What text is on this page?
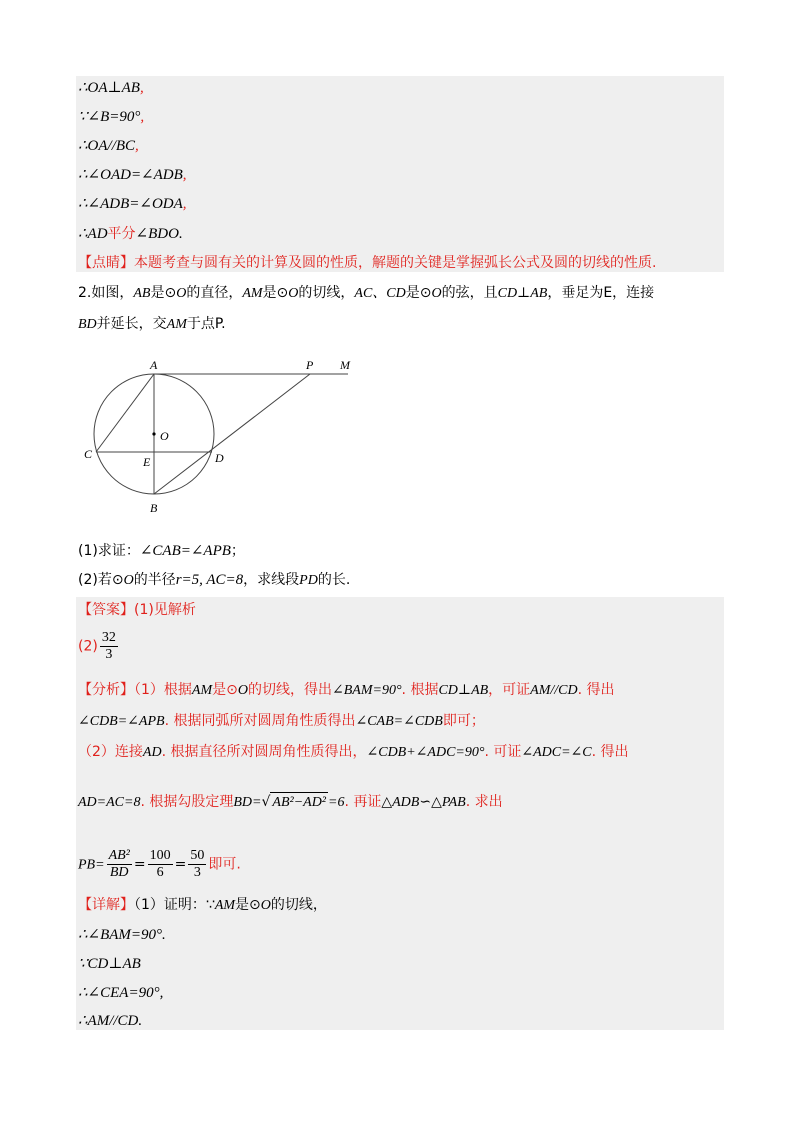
∴OA⊥AB,
∵∠B=90°,
∴OA//BC,
∴∠OAD=∠ADB,
∴∠ADB=∠ODA,
∴AD平分∠BDO.
【点睛】本题考查与圆有关的计算及圆的性质，解题的关键是掌握弧长公式及圆的切线的性质.
2.如图，AB是⊙O的直径，AM是⊙O的切线，AC、CD是⊙O的弦，且CD⊥AB，垂足为E，连接
BD并延长，交AM于点P.
A	P M
O
C
E	D
B
(1)求证：∠CAB=∠APB；
(2)若⊙O的半径r=5, AC=8，求线段PD的长.
【答案】(1)见解析
$(2) \frac{32}{3}$
【分析】（1）根据AM是⊙O的切线，得出∠BAM=90°. 根据CD⊥AB，可证AM//CD. 得出
∠CDB=∠APB. 根据同弧所对圆周角性质得出∠CAB=∠CDB即可；
（2）连接AD. 根据直径所对圆周角性质得出，∠CDB+∠ADC=90°. 可证∠ADC=∠C. 得出
AD=AC=8. 根据勾股定理BD=√ AB²−AD² =6. 再证△ADB∽△PAB. 求出
$PB= \frac{\text{AB²}}{BD} = \frac{100}{6} = \frac{50}{3}$ 即可.
【详解】（1）证明：∵AM是⊙O的切线，
∴∠BAM=90°.
∵CD⊥AB
∴∠CEA=90°,
∴AM//CD.
